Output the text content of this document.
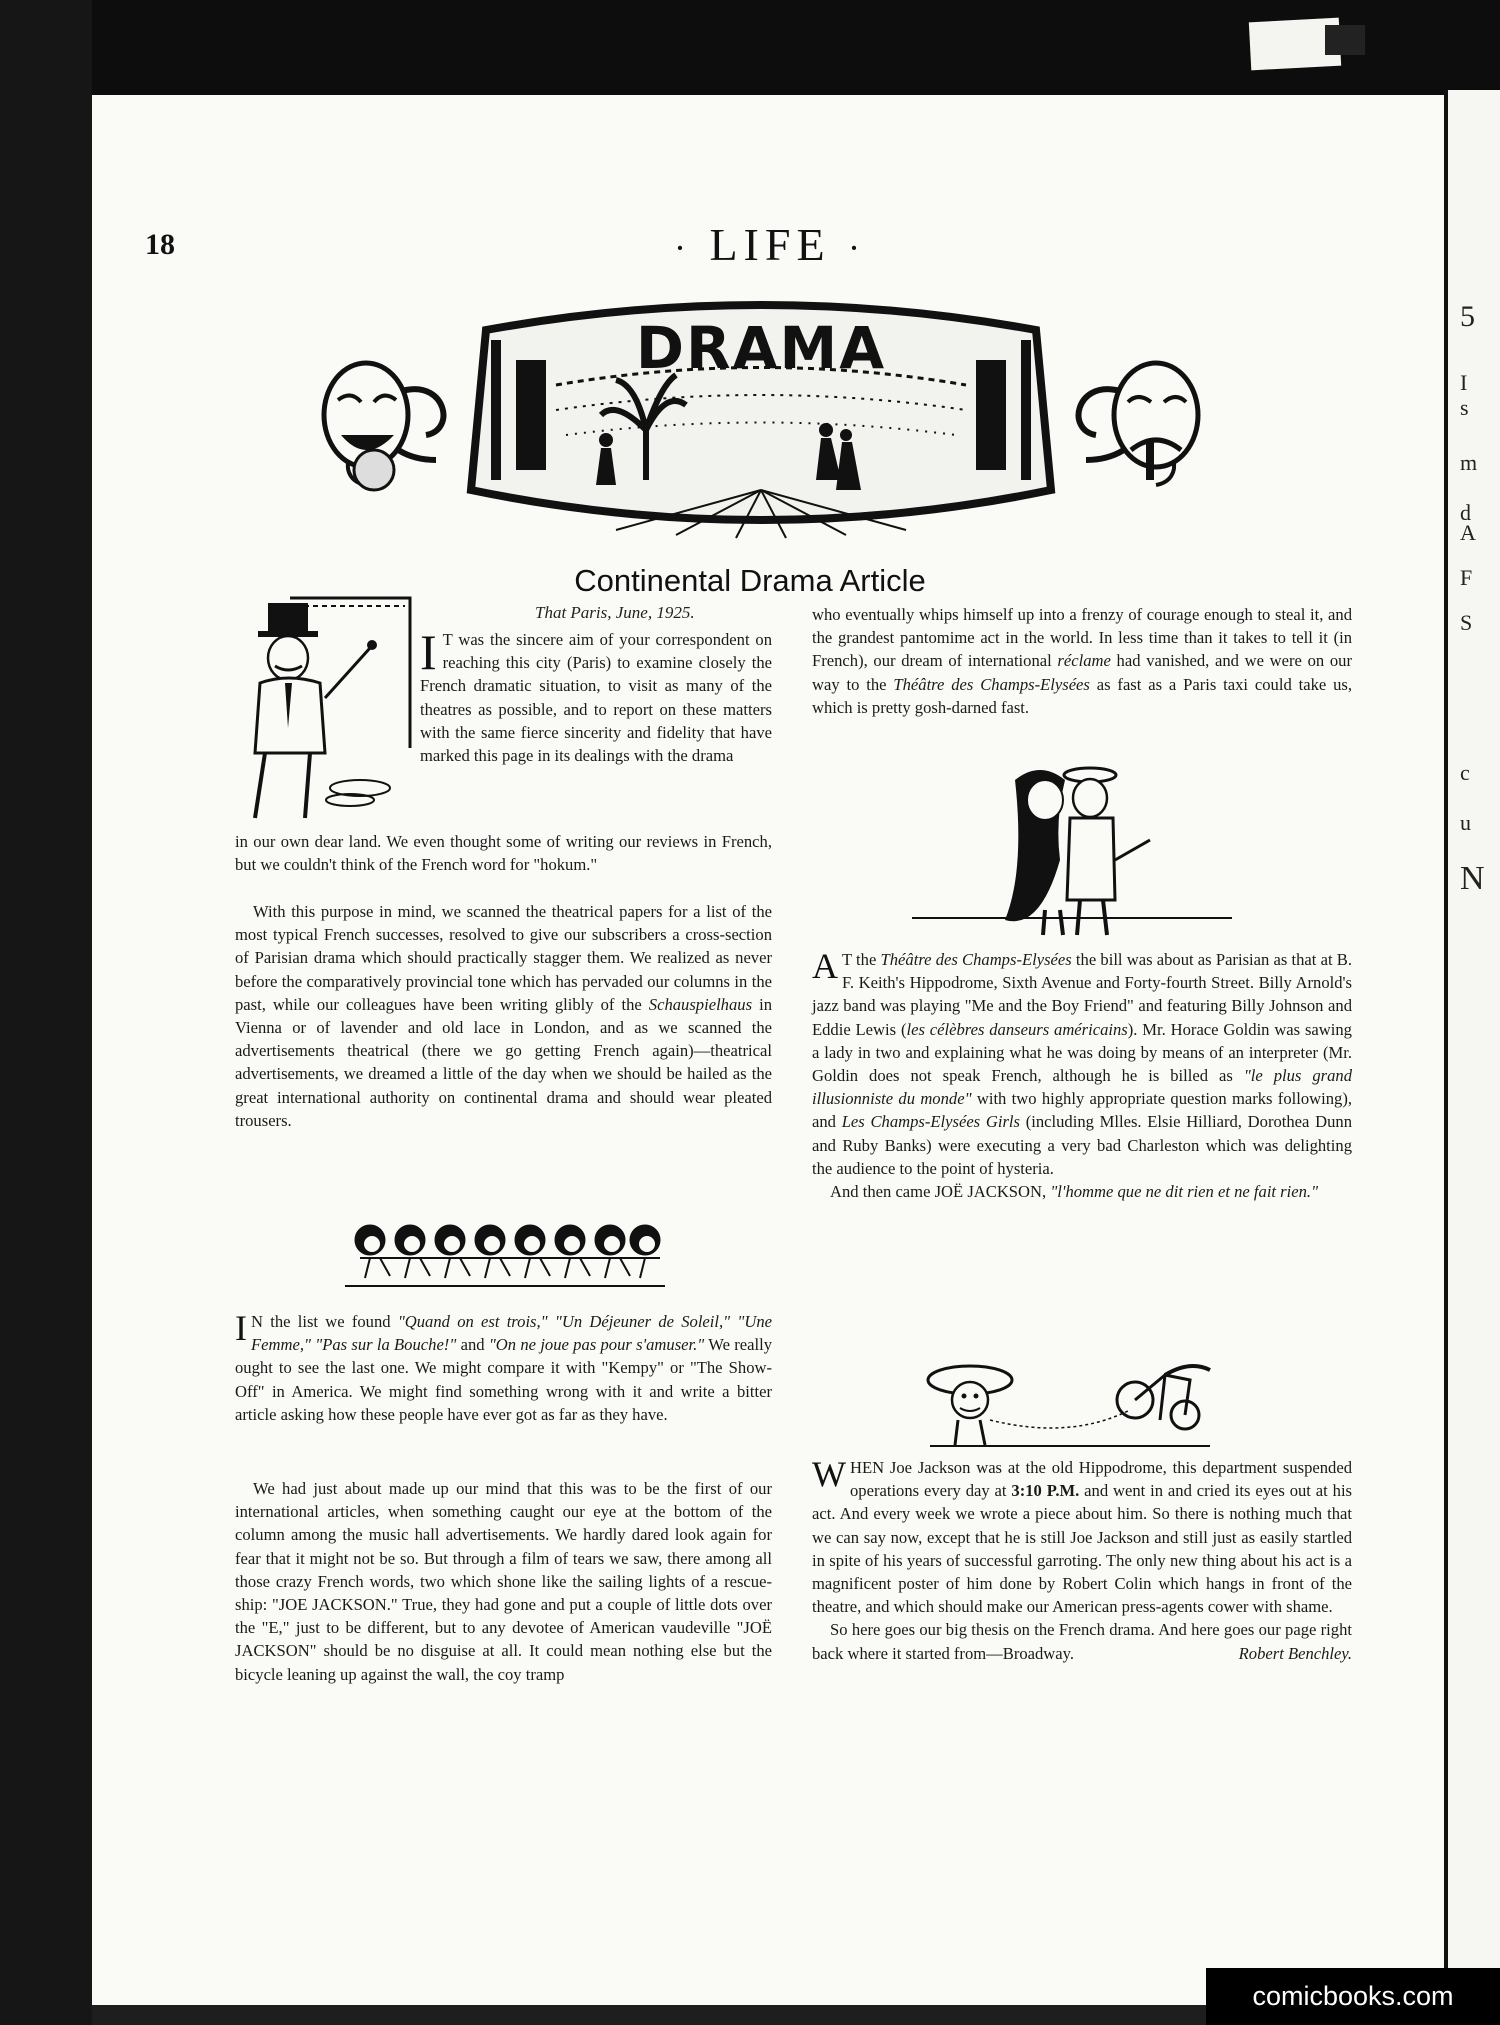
5
I
s
m
d
A
F
S
c
u
N
18	· LIFE ·
DRAMA
Continental Drama Article
That Paris, June, 1925.

I T was the sincere aim of your correspondent on reaching this city (Paris) to examine closely the French dramatic situation, to visit as many of the theatres as possible, and to report on these matters with the same fierce sincerity and fidelity that have marked this page in its dealings with the drama

in our own dear land. We even thought some of writing our reviews in French, but we couldn't think of the French word for "hokum."

With this purpose in mind, we scanned the theatrical papers for a list of the most typical French successes, resolved to give our subscribers a cross-section of Parisian drama which should practically stagger them. We realized as never before the comparatively provincial tone which has pervaded our columns in the past, while our colleagues have been writing glibly of the Schauspielhaus in Vienna or of lavender and old lace in London, and as we scanned the advertisements theatrical (there we go getting French again)—theatrical advertisements, we dreamed a little of the day when we should be hailed as the great international authority on continental drama and should wear pleated trousers.

I N the list we found "Quand on est trois," "Un Déjeuner de Soleil," "Une Femme," "Pas sur la Bouche!" and "On ne joue pas pour s'amuser." We really ought to see the last one. We might compare it with "Kempy" or "The Show-Off" in America. We might find something wrong with it and write a bitter article asking how these people have ever got as far as they have.

We had just about made up our mind that this was to be the first of our international articles, when something caught our eye at the bottom of the column among the music hall advertisements. We hardly dared look again for fear that it might not be so. But through a film of tears we saw, there among all those crazy French words, two which shone like the sailing lights of a rescue-ship: "JOE JACKSON." True, they had gone and put a couple of little dots over the "E," just to be different, but to any devotee of American vaudeville "JOË JACKSON" should be no disguise at all. It could mean nothing else but the bicycle leaning up against the wall, the coy tramp

who eventually whips himself up into a frenzy of courage enough to steal it, and the grandest pantomime act in the world. In less time than it takes to tell it (in French), our dream of international réclame had vanished, and we were on our way to the Théâtre des Champs-Elysées as fast as a Paris taxi could take us, which is pretty gosh-darned fast.

A T the Théâtre des Champs-Elysées the bill was about as Parisian as that at B. F. Keith's Hippodrome, Sixth Avenue and Forty-fourth Street. Billy Arnold's jazz band was playing "Me and the Boy Friend" and featuring Billy Johnson and Eddie Lewis (les célèbres danseurs américains). Mr. Horace Goldin was sawing a lady in two and explaining what he was doing by means of an interpreter (Mr. Goldin does not speak French, although he is billed as "le plus grand illusionniste du monde" with two highly appropriate question marks following), and Les Champs-Elysées Girls (including Mlles. Elsie Hilliard, Dorothea Dunn and Ruby Banks) were executing a very bad Charleston which was delighting the audience to the point of hysteria.

And then came JOË JACKSON, "l'homme que ne dit rien et ne fait rien."

WHEN Joe Jackson was at the old Hippodrome, this department suspended operations every day at 3:10 P.M. and went in and cried its eyes out at his act. And every week we wrote a piece about him. So there is nothing much that we can say now, except that he is still Joe Jackson and still just as easily startled in spite of his years of successful garroting. The only new thing about his act is a magnificent poster of him done by Robert Colin which hangs in front of the theatre, and which should make our American press-agents cower with shame.

So here goes our big thesis on the French drama. And here goes our page right back where it started from—Broadway.	Robert Benchley.

comicbooks.com
